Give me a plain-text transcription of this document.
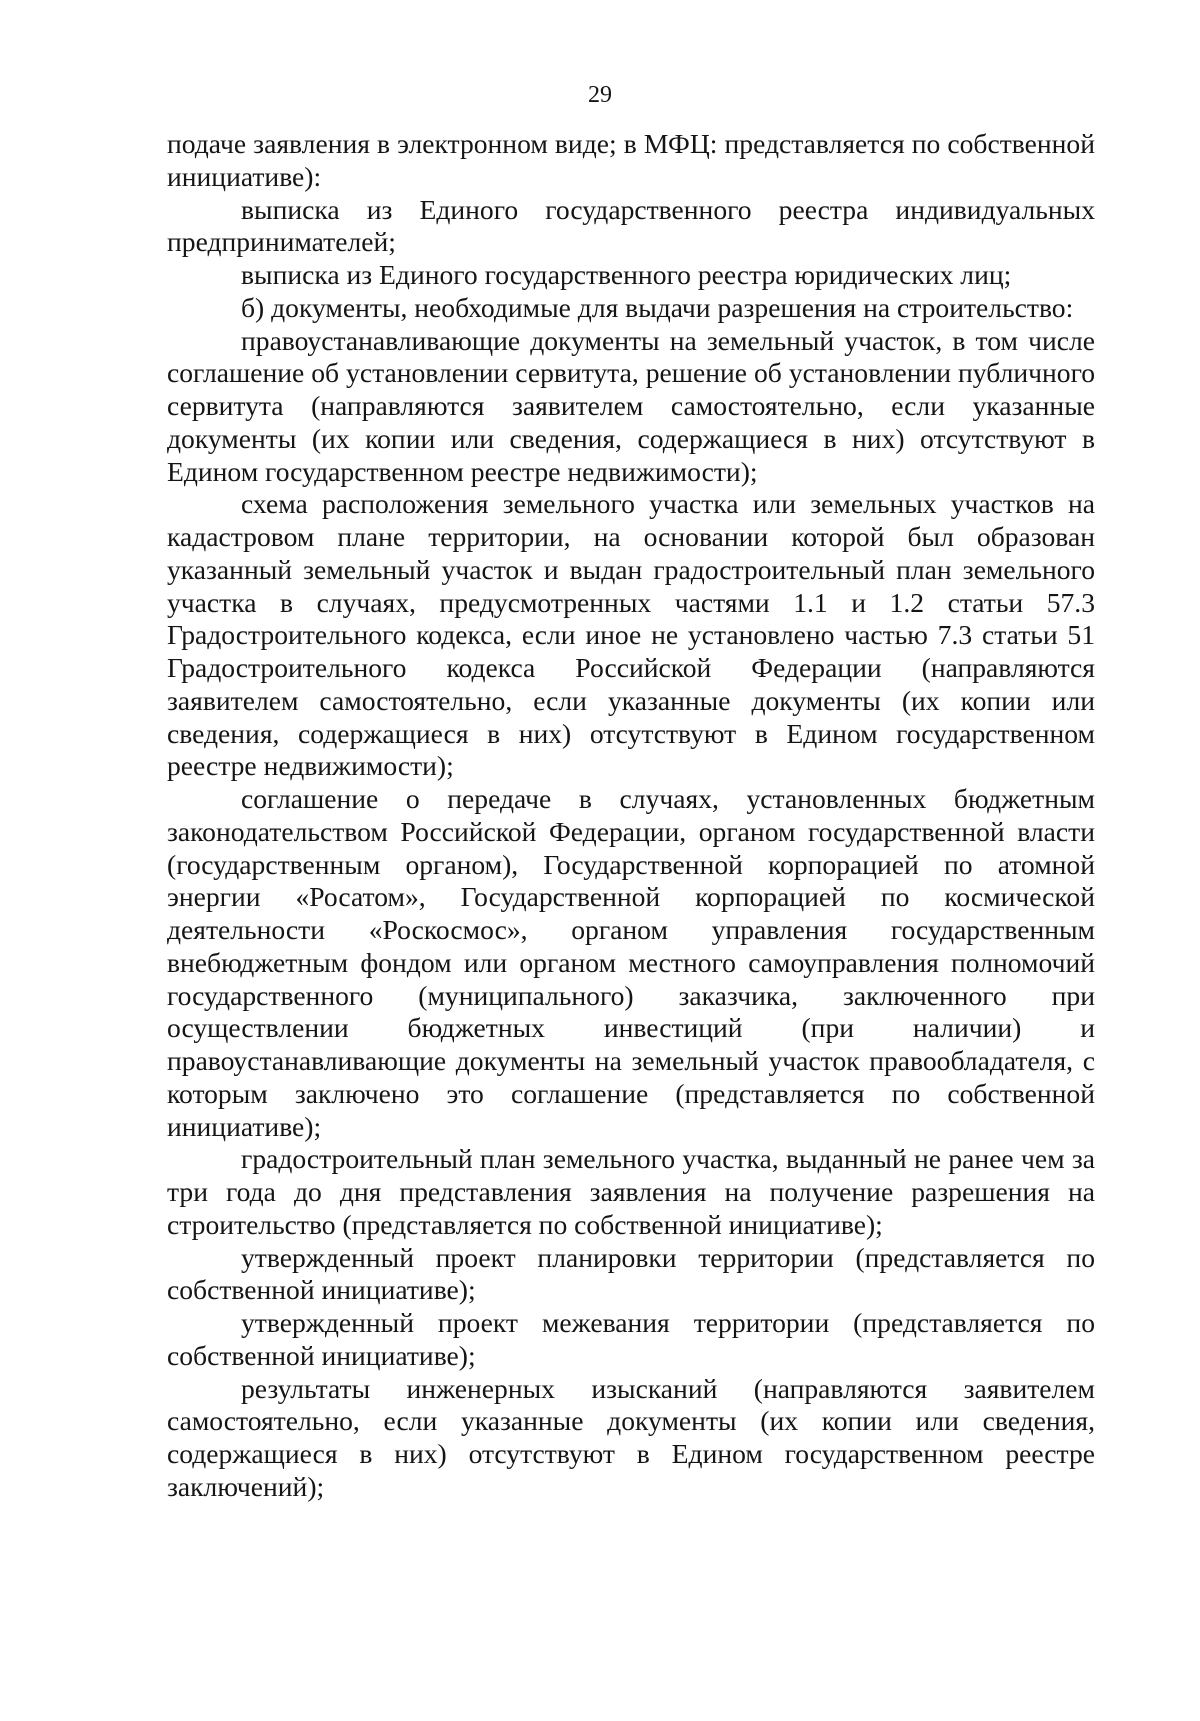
29

подаче заявления в электронном виде; в МФЦ: представляется по собственной инициативе):

выписка из Единого государственного реестра индивидуальных предпринимателей;

выписка из Единого государственного реестра юридических лиц;

б) документы, необходимые для выдачи разрешения на строительство:

правоустанавливающие документы на земельный участок, в том числе соглашение об установлении сервитута, решение об установлении публичного сервитута (направляются заявителем самостоятельно, если указанные документы (их копии или сведения, содержащиеся в них) отсутствуют в Едином государственном реестре недвижимости);

схема расположения земельного участка или земельных участков на кадастровом плане территории, на основании которой был образован указанный земельный участок и выдан градостроительный план земельного участка в случаях, предусмотренных частями 1.1 и 1.2 статьи 57.3 Градостроительного кодекса, если иное не установлено частью 7.3 статьи 51 Градостроительного кодекса Российской Федерации (направляются заявителем самостоятельно, если указанные документы (их копии или сведения, содержащиеся в них) отсутствуют в Едином государственном реестре недвижимости);

соглашение о передаче в случаях, установленных бюджетным законодательством Российской Федерации, органом государственной власти (государственным органом), Государственной корпорацией по атомной энергии «Росатом», Государственной корпорацией по космической деятельности «Роскосмос», органом управления государственным внебюджетным фондом или органом местного самоуправления полномочий государственного (муниципального) заказчика, заключенного при осуществлении бюджетных инвестиций (при наличии) и правоустанавливающие документы на земельный участок правообладателя, с которым заключено это соглашение (представляется по собственной инициативе);

градостроительный план земельного участка, выданный не ранее чем за три года до дня представления заявления на получение разрешения на строительство (представляется по собственной инициативе);

утвержденный проект планировки территории (представляется по собственной инициативе);

утвержденный проект межевания территории (представляется по собственной инициативе);

результаты инженерных изысканий (направляются заявителем самостоятельно, если указанные документы (их копии или сведения, содержащиеся в них) отсутствуют в Едином государственном реестре заключений);
